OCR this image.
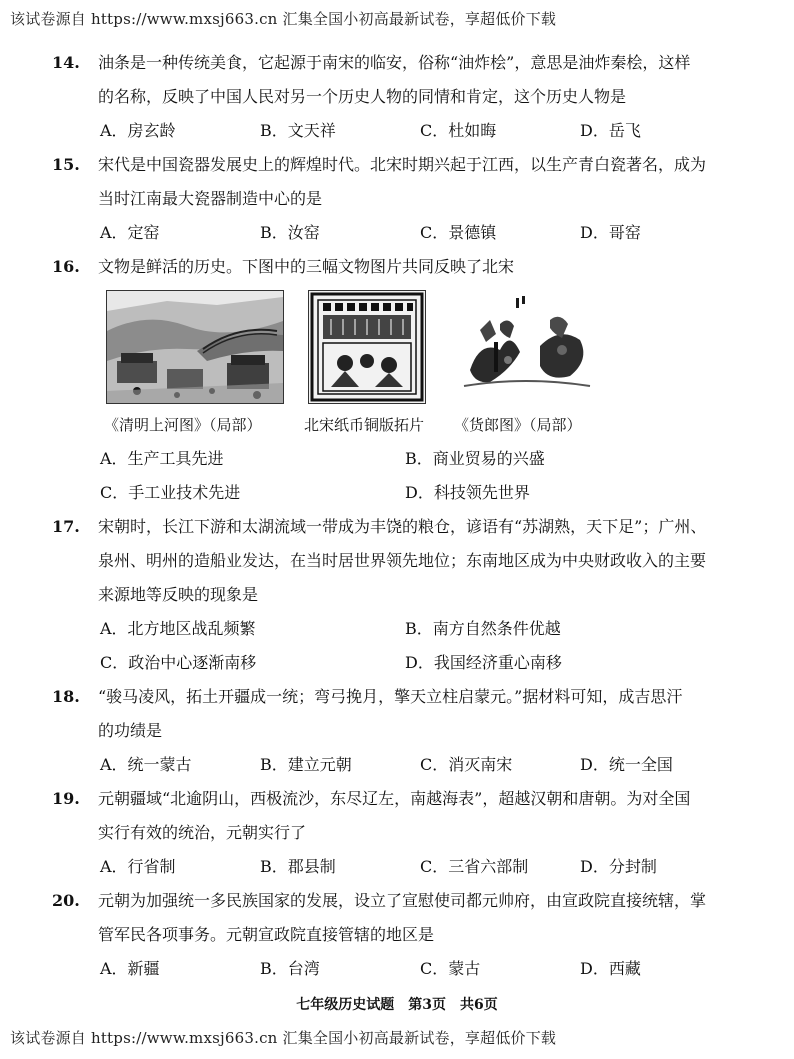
该试卷源自 https://www.mxsj663.cn 汇集全国小初高最新试卷，享超低价下载
14. 油条是一种传统美食，它起源于南宋的临安，俗称“油炸桧”，意思是油炸秦桧，这样
的名称，反映了中国人民对另一个历史人物的同情和肯定，这个历史人物是
A．房玄龄	B．文天祥	C．杜如晦	D．岳飞
15. 宋代是中国瓷器发展史上的辉煌时代。北宋时期兴起于江西，以生产青白瓷著名，成为
当时江南最大瓷器制造中心的是
A．定窑	B．汝窑	C．景德镇	D．哥窑
16. 文物是鲜活的历史。下图中的三幅文物图片共同反映了北宋
《清明上河图》（局部）	北宋纸币铜版拓片	《货郎图》（局部）
A．生产工具先进	B．商业贸易的兴盛
C．手工业技术先进	D．科技领先世界
17. 宋朝时，长江下游和太湖流域一带成为丰饶的粮仓，谚语有“苏湖熟，天下足”；广州、
泉州、明州的造船业发达，在当时居世界领先地位；东南地区成为中央财政收入的主要
来源地等反映的现象是
A．北方地区战乱频繁	B．南方自然条件优越
C．政治中心逐渐南移	D．我国经济重心南移
18. “骏马凌风，拓土开疆成一统；弯弓挽月，擎天立柱启蒙元。”据材料可知，成吉思汗
的功绩是
A．统一蒙古	B．建立元朝	C．消灭南宋	D．统一全国
19. 元朝疆域“北逾阴山，西极流沙，东尽辽左，南越海表”，超越汉朝和唐朝。为对全国
实行有效的统治，元朝实行了
A．行省制	B．郡县制	C．三省六部制	D．分封制
20. 元朝为加强统一多民族国家的发展，设立了宣慰使司都元帅府，由宣政院直接统辖，掌
管军民各项事务。元朝宣政院直接管辖的地区是
A．新疆	B．台湾	C．蒙古	D．西藏
七年级历史试题　第3页　共6页
该试卷源自 https://www.mxsj663.cn 汇集全国小初高最新试卷，享超低价下载
